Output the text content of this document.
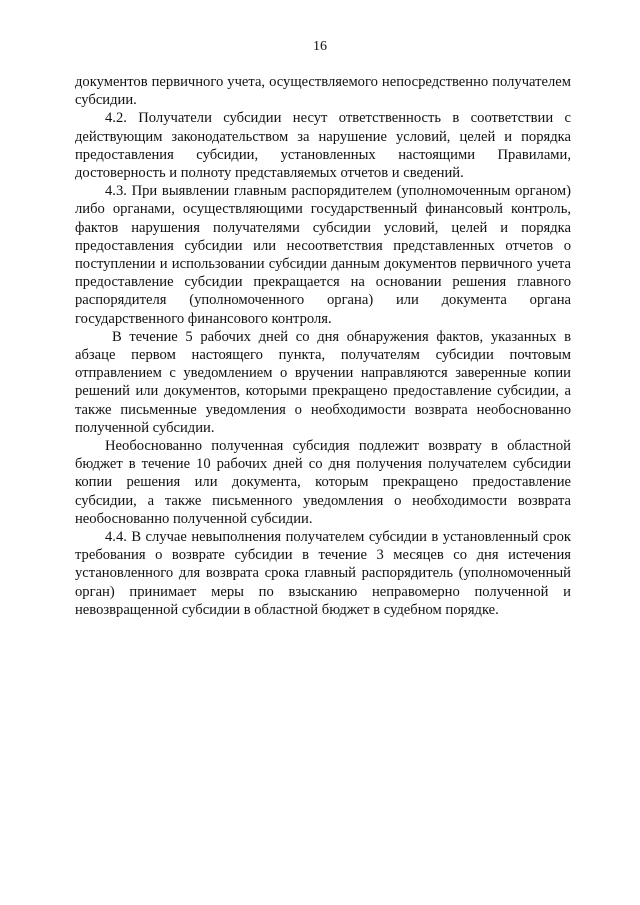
16

документов первичного учета, осуществляемого непосредственно получателем субсидии.

4.2. Получатели субсидии несут ответственность в соответствии с действующим законодательством за нарушение условий, целей и порядка предоставления субсидии, установленных настоящими Правилами, достоверность и полноту представляемых отчетов и сведений.

4.3. При выявлении главным распорядителем (уполномоченным органом) либо органами, осуществляющими государственный финансовый контроль, фактов нарушения получателями субсидии условий, целей и порядка предоставления субсидии или несоответствия представленных отчетов о поступлении и использовании субсидии данным документов первичного учета предоставление субсидии прекращается на основании решения главного распорядителя (уполномоченного органа) или документа органа государственного финансового контроля.

В течение 5 рабочих дней со дня обнаружения фактов, указанных в абзаце первом настоящего пункта, получателям субсидии почтовым отправлением с уведомлением о вручении направляются заверенные копии решений или документов, которыми прекращено предоставление субсидии, а также письменные уведомления о необходимости возврата необоснованно полученной субсидии.

Необоснованно полученная субсидия подлежит возврату в областной бюджет в течение 10 рабочих дней со дня получения получателем субсидии копии решения или документа, которым прекращено предоставление субсидии, а также письменного уведомления о необходимости возврата необоснованно полученной субсидии.

4.4. В случае невыполнения получателем субсидии в установленный срок требования о возврате субсидии в течение 3 месяцев со дня истечения установленного для возврата срока главный распорядитель (уполномоченный орган) принимает меры по взысканию неправомерно полученной и невозвращенной субсидии в областной бюджет в судебном порядке.
